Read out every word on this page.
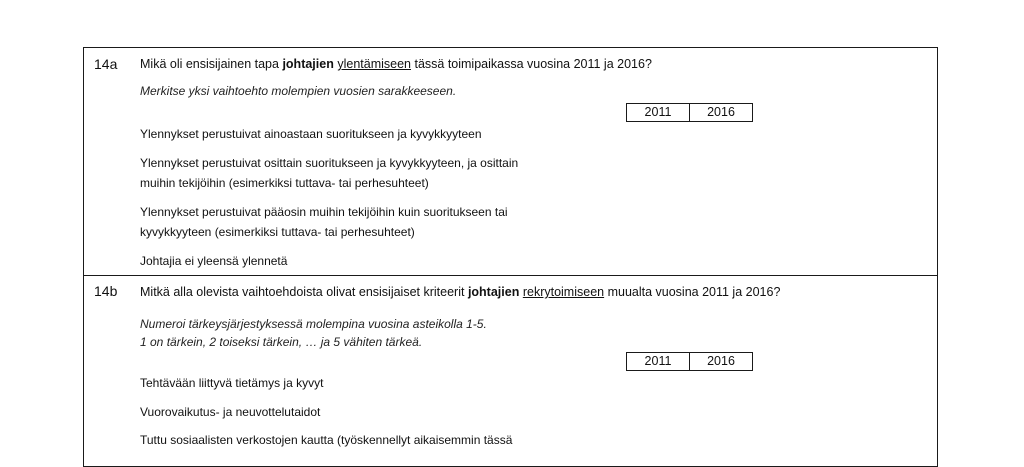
14a Mikä oli ensisijainen tapa johtajien ylentämiseen tässä toimipaikassa vuosina 2011 ja 2016?
Merkitse yksi vaihtoehto molempien vuosien sarakkeeseen.
2011	2016
Ylennykset perustuivat ainoastaan suoritukseen ja kyvykkyyteen
Ylennykset perustuivat osittain suoritukseen ja kyvykkyyteen, ja osittain
muihin tekijöihin (esimerkiksi tuttava- tai perhesuhteet)
Ylennykset perustuivat pääosin muihin tekijöihin kuin suoritukseen tai
kyvykkyyteen (esimerkiksi tuttava- tai perhesuhteet)
Johtajia ei yleensä ylennetä
14b Mitkä alla olevista vaihtoehdoista olivat ensisijaiset kriteerit johtajien rekrytoimiseen muualta vuosina 2011 ja 2016?
Numeroi tärkeysjärjestyksessä molempina vuosina asteikolla 1-5.
1 on tärkein, 2 toiseksi tärkein, … ja 5 vähiten tärkeä.
2011	2016
Tehtävään liittyvä tietämys ja kyvyt
Vuorovaikutus- ja neuvottelutaidot
Tuttu sosiaalisten verkostojen kautta (työskennellyt aikaisemmin tässä
